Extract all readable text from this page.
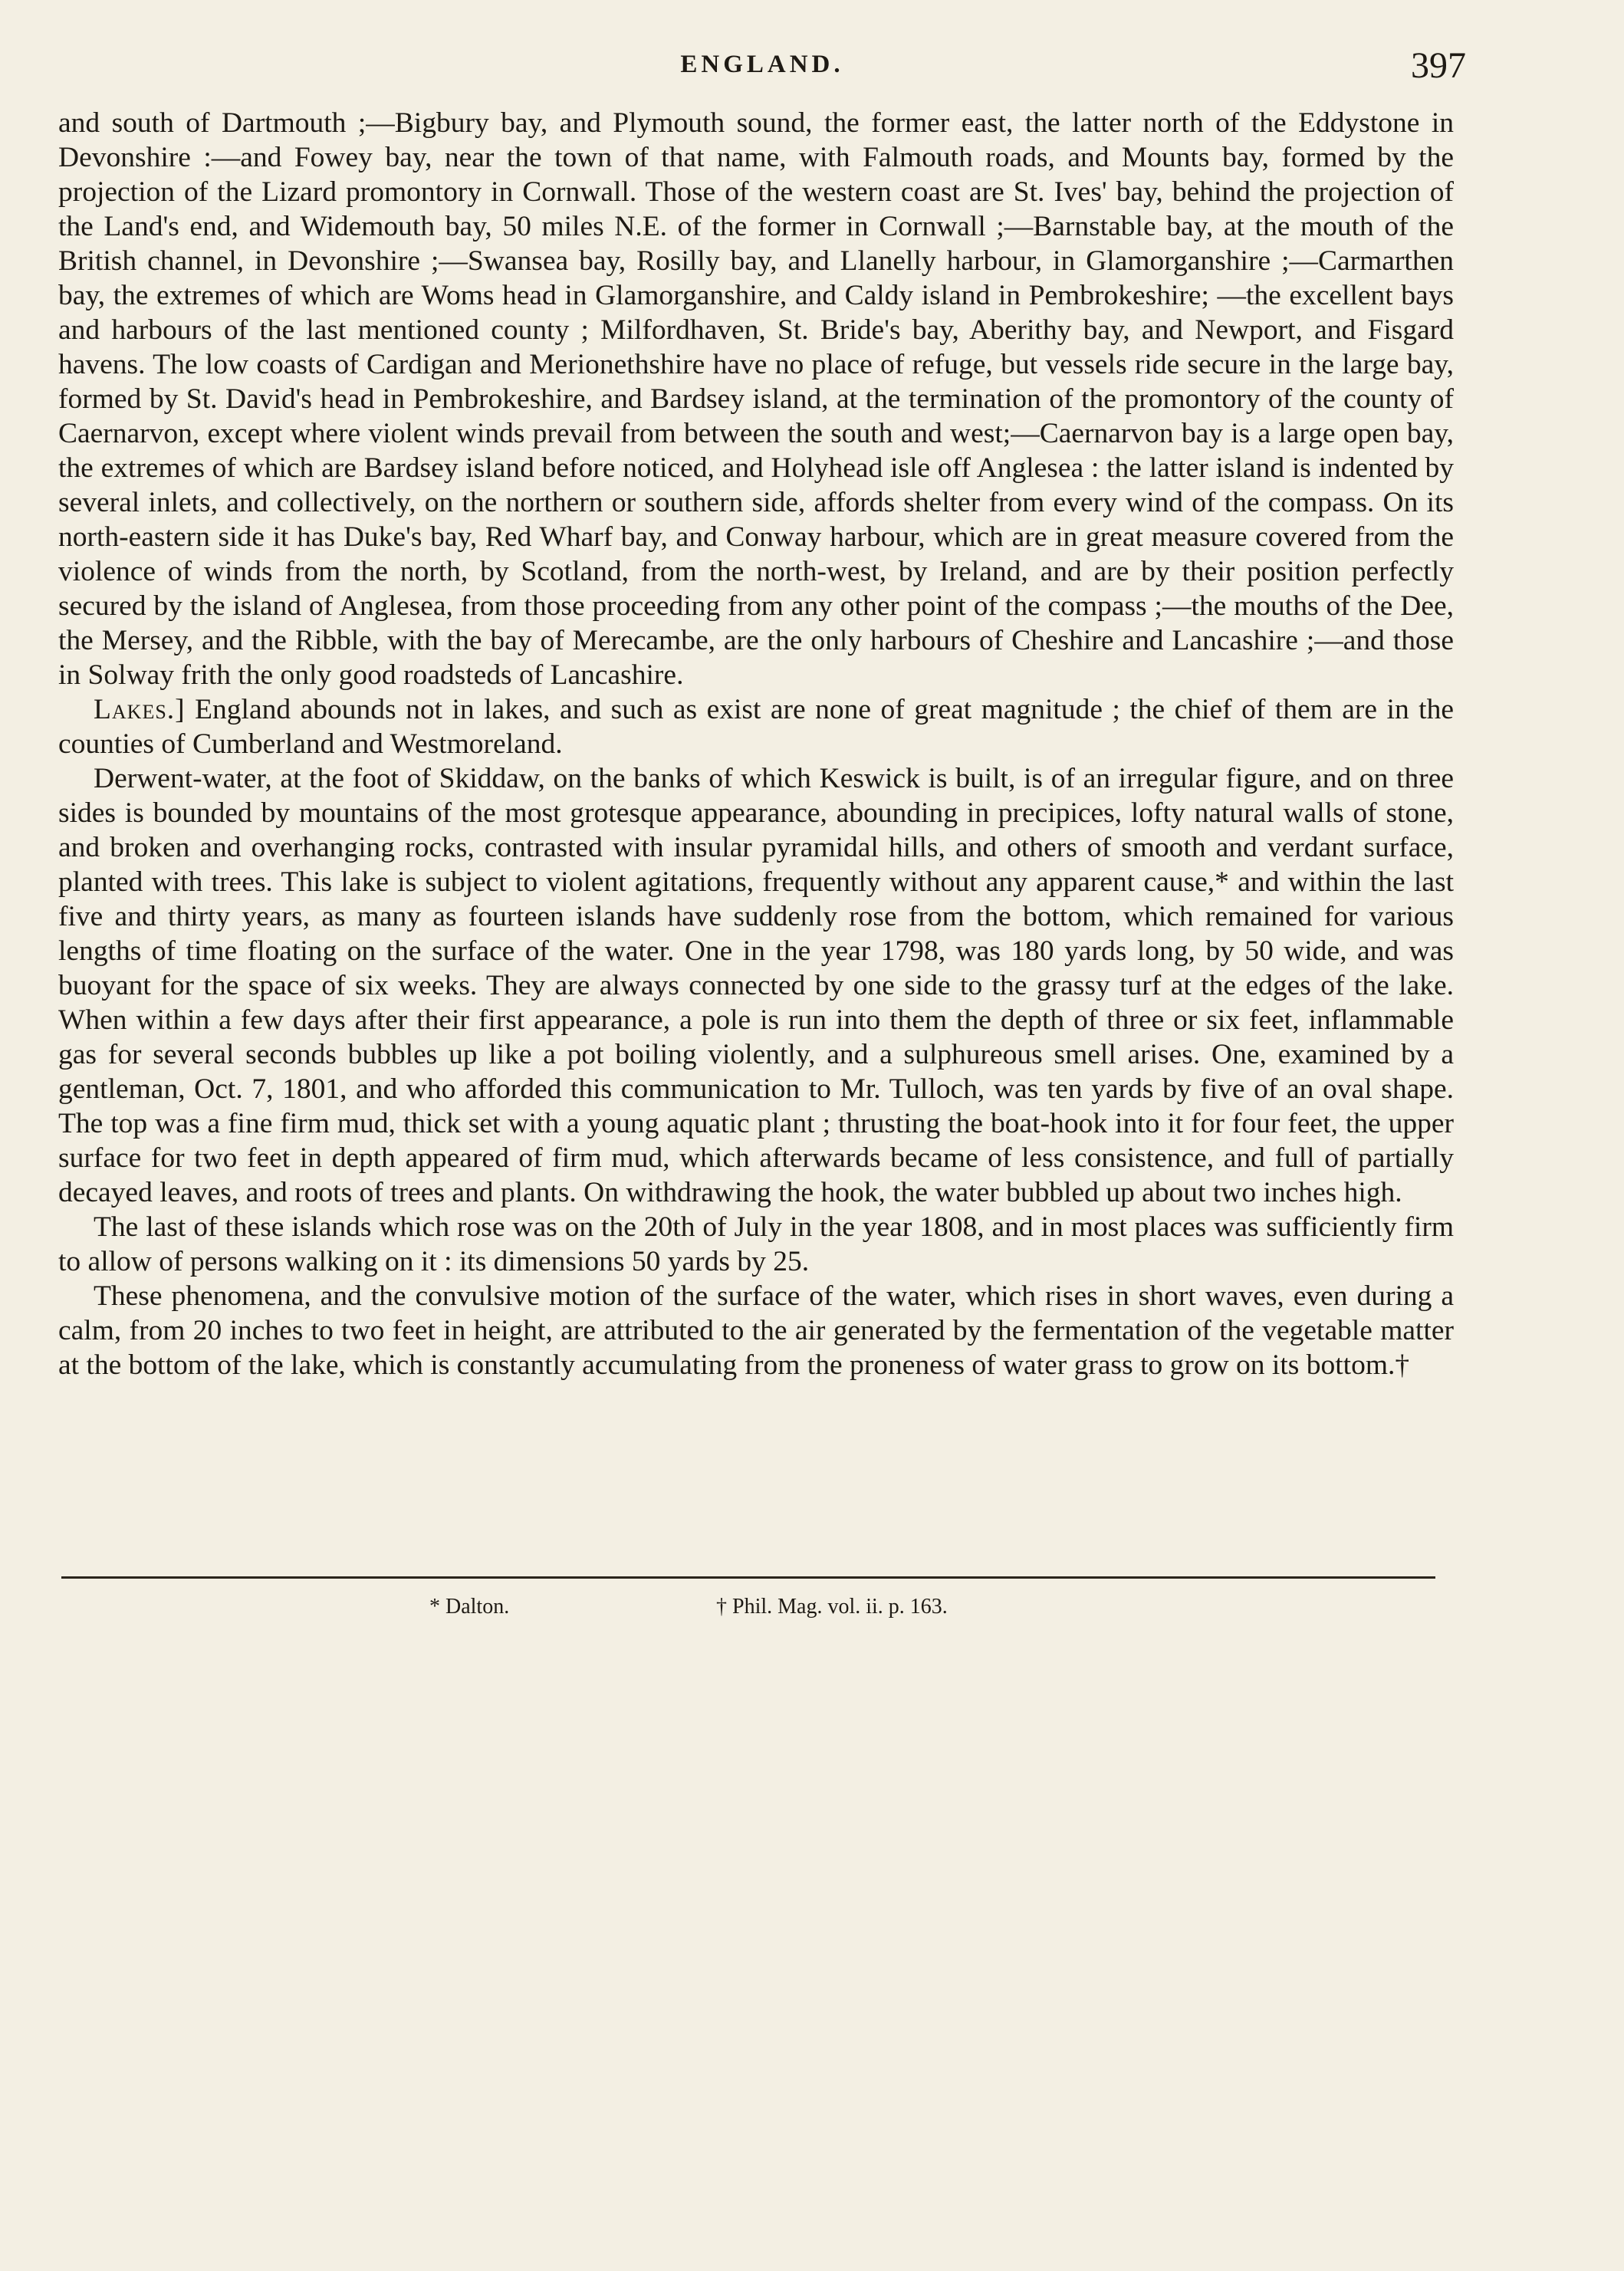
ENGLAND.	397

and south of Dartmouth ;—Bigbury bay, and Plymouth sound, the former east, the latter north of the Eddystone in Devonshire :—and Fowey bay, near the town of that name, with Falmouth roads, and Mounts bay, formed by the projection of the Lizard promontory in Cornwall. Those of the western coast are St. Ives' bay, behind the projection of the Land's end, and Widemouth bay, 50 miles N.E. of the former in Cornwall ;—Barnstable bay, at the mouth of the British channel, in Devonshire ;—Swansea bay, Rosilly bay, and Llanelly harbour, in Glamorganshire ;—Carmarthen bay, the extremes of which are Woms head in Glamorganshire, and Caldy island in Pembrokeshire; —the excellent bays and harbours of the last mentioned county ; Milfordhaven, St. Bride's bay, Aberithy bay, and Newport, and Fisgard havens. The low coasts of Cardigan and Merionethshire have no place of refuge, but vessels ride secure in the large bay, formed by St. David's head in Pembrokeshire, and Bardsey island, at the termination of the promontory of the county of Caernarvon, except where violent winds prevail from between the south and west;—Caernarvon bay is a large open bay, the extremes of which are Bardsey island before noticed, and Holyhead isle off Anglesea : the latter island is indented by several inlets, and collectively, on the northern or southern side, affords shelter from every wind of the compass. On its north-eastern side it has Duke's bay, Red Wharf bay, and Conway harbour, which are in great measure covered from the violence of winds from the north, by Scotland, from the north-west, by Ireland, and are by their position perfectly secured by the island of Anglesea, from those proceeding from any other point of the compass ;—the mouths of the Dee, the Mersey, and the Ribble, with the bay of Merecambe, are the only harbours of Cheshire and Lancashire ;—and those in Solway frith the only good roadsteds of Lancashire.

Lakes.] England abounds not in lakes, and such as exist are none of great magnitude ; the chief of them are in the counties of Cumberland and Westmoreland.

Derwent-water, at the foot of Skiddaw, on the banks of which Keswick is built, is of an irregular figure, and on three sides is bounded by mountains of the most grotesque appearance, abounding in precipices, lofty natural walls of stone, and broken and overhanging rocks, contrasted with insular pyramidal hills, and others of smooth and verdant surface, planted with trees. This lake is subject to violent agitations, frequently without any apparent cause,* and within the last five and thirty years, as many as fourteen islands have suddenly rose from the bottom, which remained for various lengths of time floating on the surface of the water. One in the year 1798, was 180 yards long, by 50 wide, and was buoyant for the space of six weeks. They are always connected by one side to the grassy turf at the edges of the lake. When within a few days after their first appearance, a pole is run into them the depth of three or six feet, inflammable gas for several seconds bubbles up like a pot boiling violently, and a sulphureous smell arises. One, examined by a gentleman, Oct. 7, 1801, and who afforded this communication to Mr. Tulloch, was ten yards by five of an oval shape. The top was a fine firm mud, thick set with a young aquatic plant ; thrusting the boat-hook into it for four feet, the upper surface for two feet in depth appeared of firm mud, which afterwards became of less consistence, and full of partially decayed leaves, and roots of trees and plants. On withdrawing the hook, the water bubbled up about two inches high.

The last of these islands which rose was on the 20th of July in the year 1808, and in most places was sufficiently firm to allow of persons walking on it : its dimensions 50 yards by 25.

These phenomena, and the convulsive motion of the surface of the water, which rises in short waves, even during a calm, from 20 inches to two feet in height, are attributed to the air generated by the fermentation of the vegetable matter at the bottom of the lake, which is constantly accumulating from the proneness of water grass to grow on its bottom.†

* Dalton.	† Phil. Mag. vol. ii. p. 163.
